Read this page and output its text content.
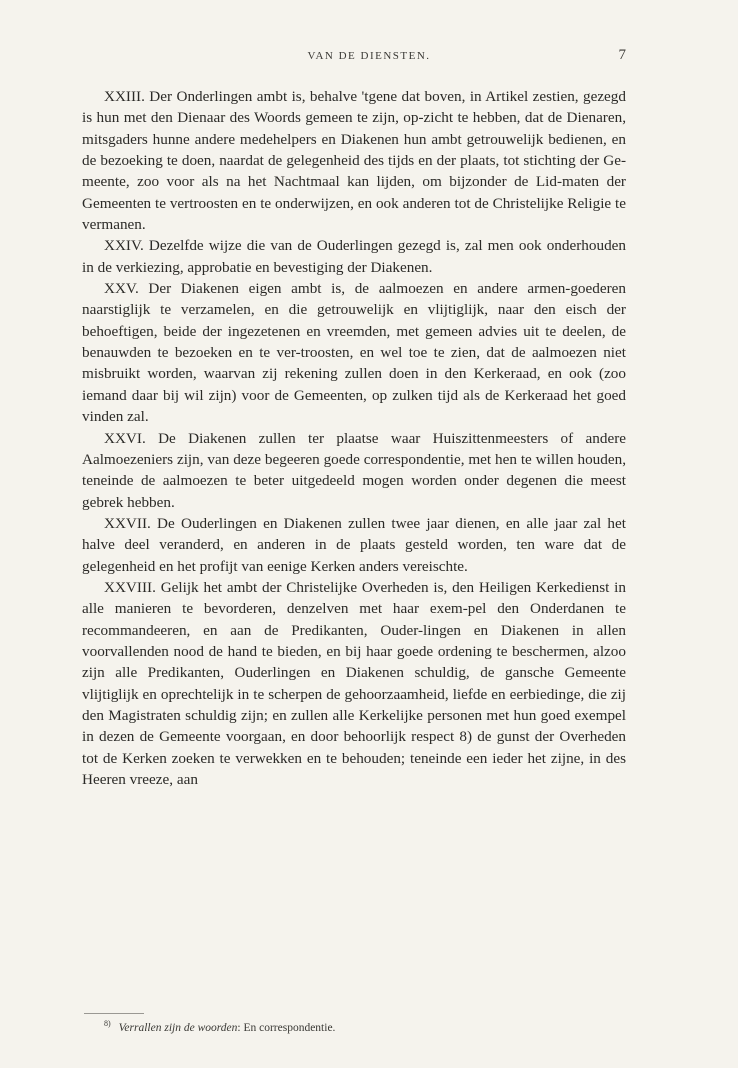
VAN DE DIENSTEN.	7

XXIII. Der Onderlingen ambt is, behalve 'tgene dat boven, in Artikel zestien, gezegd is hun met den Dienaar des Woords gemeen te zijn, op-zicht te hebben, dat de Dienaren, mitsgaders hunne andere medehelpers en Diakenen hun ambt getrouwelijk bedienen, en de bezoeking te doen, naardat de gelegenheid des tijds en der plaats, tot stichting der Ge-meente, zoo voor als na het Nachtmaal kan lijden, om bijzonder de Lid-maten der Gemeenten te vertroosten en te onderwijzen, en ook anderen tot de Christelijke Religie te vermanen.

XXIV. Dezelfde wijze die van de Ouderlingen gezegd is, zal men ook onderhouden in de verkiezing, approbatie en bevestiging der Diakenen.

XXV. Der Diakenen eigen ambt is, de aalmoezen en andere armen-goederen naarstiglijk te verzamelen, en die getrouwelijk en vlijtiglijk, naar den eisch der behoeftigen, beide der ingezetenen en vreemden, met gemeen advies uit te deelen, de benauwden te bezoeken en te ver-troosten, en wel toe te zien, dat de aalmoezen niet misbruikt worden, waarvan zij rekening zullen doen in den Kerkeraad, en ook (zoo iemand daar bij wil zijn) voor de Gemeenten, op zulken tijd als de Kerkeraad het goed vinden zal.

XXVI. De Diakenen zullen ter plaatse waar Huiszittenmeesters of andere Aalmoezeniers zijn, van deze begeeren goede correspondentie, met hen te willen houden, teneinde de aalmoezen te beter uitgedeeld mogen worden onder degenen die meest gebrek hebben.

XXVII. De Ouderlingen en Diakenen zullen twee jaar dienen, en alle jaar zal het halve deel veranderd, en anderen in de plaats gesteld worden, ten ware dat de gelegenheid en het profijt van eenige Kerken anders vereischte.

XXVIII. Gelijk het ambt der Christelijke Overheden is, den Heiligen Kerkedienst in alle manieren te bevorderen, denzelven met haar exem-pel den Onderdanen te recommandeeren, en aan de Predikanten, Ouder-lingen en Diakenen in allen voorvallenden nood de hand te bieden, en bij haar goede ordening te beschermen, alzoo zijn alle Predikanten, Ouderlingen en Diakenen schuldig, de gansche Gemeente vlijtiglijk en oprechtelijk in te scherpen de gehoorzaamheid, liefde en eerbiedinge, die zij den Magistraten schuldig zijn; en zullen alle Kerkelijke personen met hun goed exempel in dezen de Gemeente voorgaan, en door behoorlijk respect 8) de gunst der Overheden tot de Kerken zoeken te verwekken en te behouden; teneinde een ieder het zijne, in des Heeren vreeze, aan

$^{8)}$ Verrallen zijn de woorden: En correspondentie.
